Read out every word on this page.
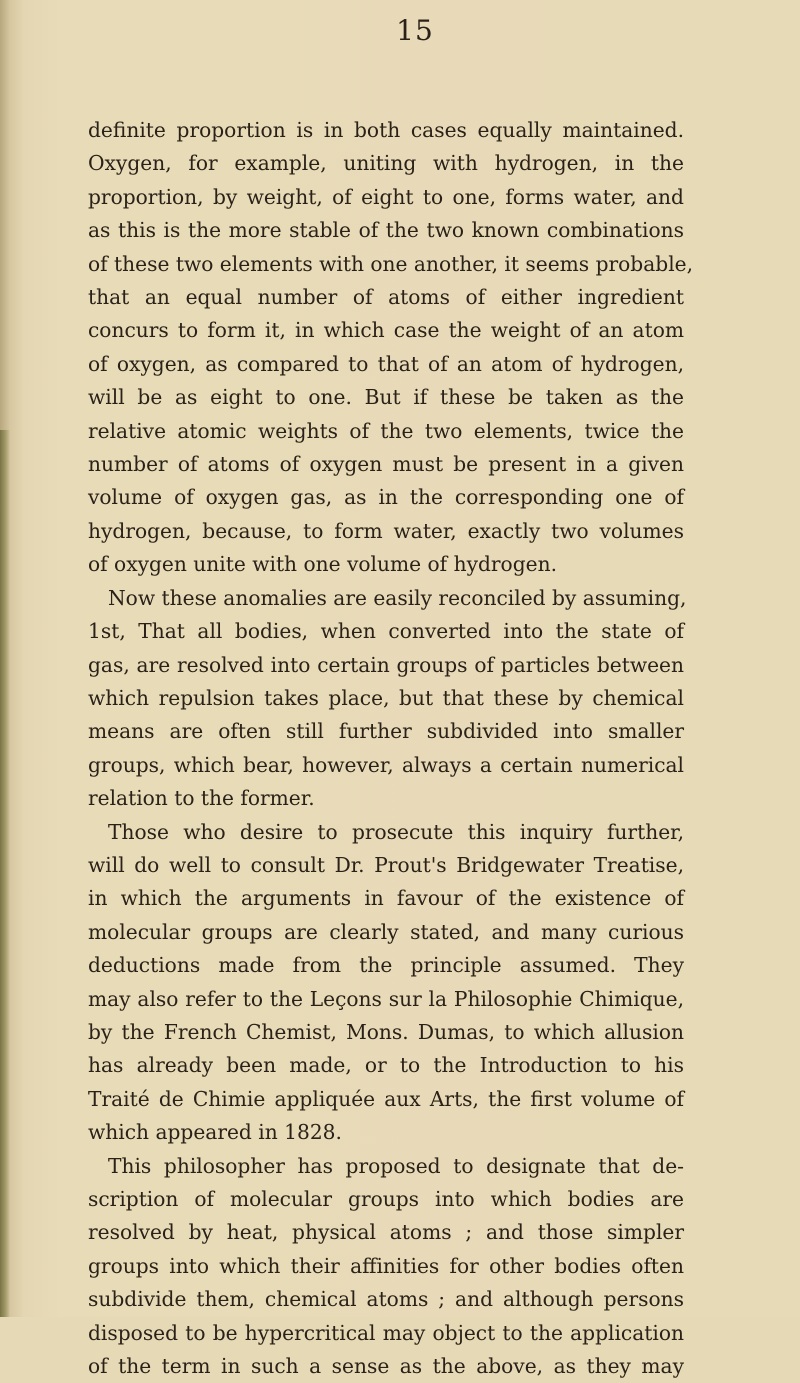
15
definite proportion is in both cases equally maintained.
Oxygen, for example, uniting with hydrogen, in the
proportion, by weight, of eight to one, forms water, and
as this is the more stable of the two known combinations
of these two elements with one another, it seems probable,
that an equal number of atoms of either ingredient
concurs to form it, in which case the weight of an atom
of oxygen, as compared to that of an atom of hydrogen,
will be as eight to one. But if these be taken as the
relative atomic weights of the two elements, twice the
number of atoms of oxygen must be present in a given
volume of oxygen gas, as in the corresponding one of
hydrogen, because, to form water, exactly two volumes
of oxygen unite with one volume of hydrogen.
Now these anomalies are easily reconciled by assuming,
1st, That all bodies, when converted into the state of
gas, are resolved into certain groups of particles between
which repulsion takes place, but that these by chemical
means are often still further subdivided into smaller
groups, which bear, however, always a certain numerical
relation to the former.
Those who desire to prosecute this inquiry further,
will do well to consult Dr. Prout's Bridgewater Treatise,
in which the arguments in favour of the existence of
molecular groups are clearly stated, and many curious
deductions made from the principle assumed. They
may also refer to the Leçons sur la Philosophie Chimique,
by the French Chemist, Mons. Dumas, to which allusion
has already been made, or to the Introduction to his
Traité de Chimie appliquée aux Arts, the first volume of
which appeared in 1828.
This philosopher has proposed to designate that de-
scription of molecular groups into which bodies are
resolved by heat, physical atoms ; and those simpler
groups into which their affinities for other bodies often
subdivide them, chemical atoms ; and although persons
disposed to be hypercritical may object to the application
of the term in such a sense as the above, as they may
